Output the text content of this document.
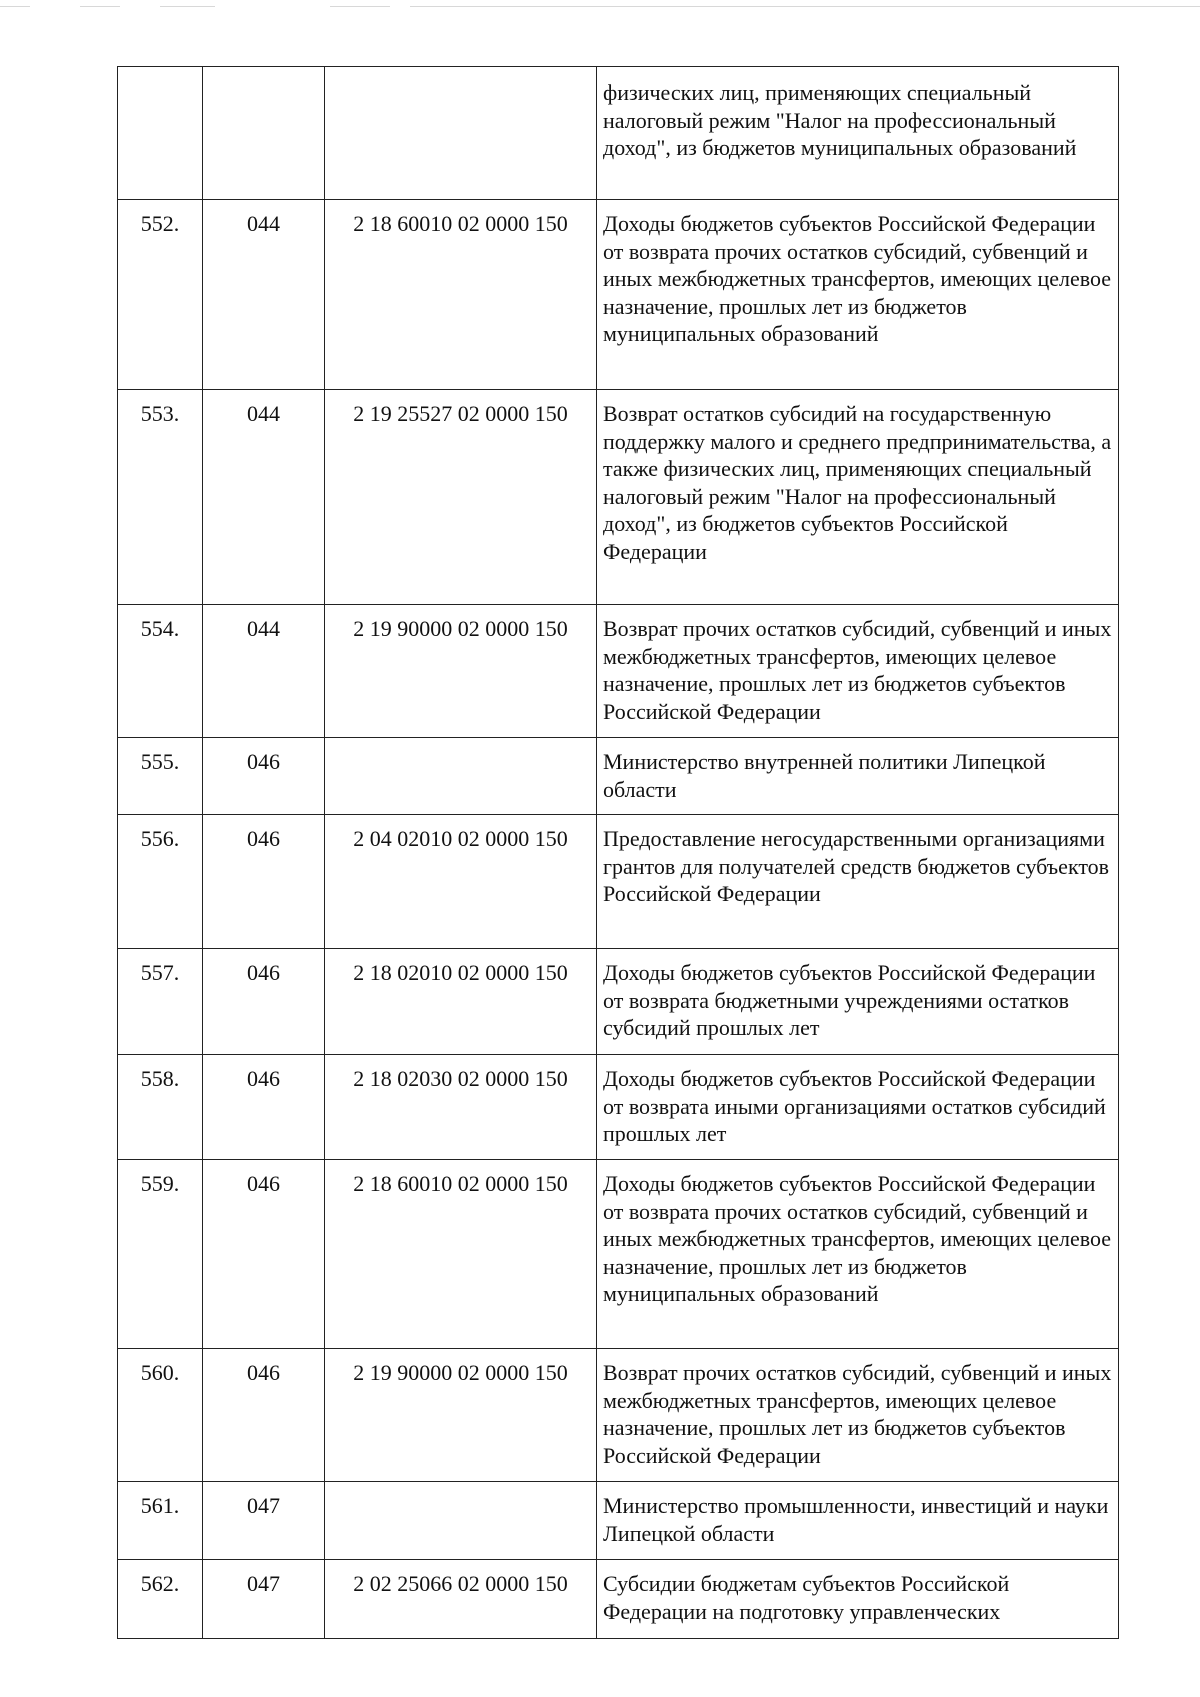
			физических лиц, применяющих специальный налоговый режим "Налог на профессиональный доход", из бюджетов муниципальных образований

552.	044	2 18 60010 02 0000 150	Доходы бюджетов субъектов Российской Федерации от возврата прочих остатков субсидий, субвенций и иных межбюджетных трансфертов, имеющих целевое назначение, прошлых лет из бюджетов муниципальных образований

553.	044	2 19 25527 02 0000 150	Возврат остатков субсидий на государственную поддержку малого и среднего предпринимательства, а также физических лиц, применяющих специальный налоговый режим "Налог на профессиональный доход", из бюджетов субъектов Российской Федерации

554.	044	2 19 90000 02 0000 150	Возврат прочих остатков субсидий, субвенций и иных межбюджетных трансфертов, имеющих целевое назначение, прошлых лет из бюджетов субъектов Российской Федерации

555.	046		Министерство внутренней политики Липецкой области

556.	046	2 04 02010 02 0000 150	Предоставление негосударственными организациями грантов для получателей средств бюджетов субъектов Российской Федерации

557.	046	2 18 02010 02 0000 150	Доходы бюджетов субъектов Российской Федерации от возврата бюджетными учреждениями остатков субсидий прошлых лет

558.	046	2 18 02030 02 0000 150	Доходы бюджетов субъектов Российской Федерации от возврата иными организациями остатков субсидий прошлых лет

559.	046	2 18 60010 02 0000 150	Доходы бюджетов субъектов Российской Федерации от возврата прочих остатков субсидий, субвенций и иных межбюджетных трансфертов, имеющих целевое назначение, прошлых лет из бюджетов муниципальных образований

560.	046	2 19 90000 02 0000 150	Возврат прочих остатков субсидий, субвенций и иных межбюджетных трансфертов, имеющих целевое назначение, прошлых лет из бюджетов субъектов Российской Федерации

561.	047		Министерство промышленности, инвестиций и науки Липецкой области

562.	047	2 02 25066 02 0000 150	Субсидии бюджетам субъектов Российской Федерации на подготовку управленческих
